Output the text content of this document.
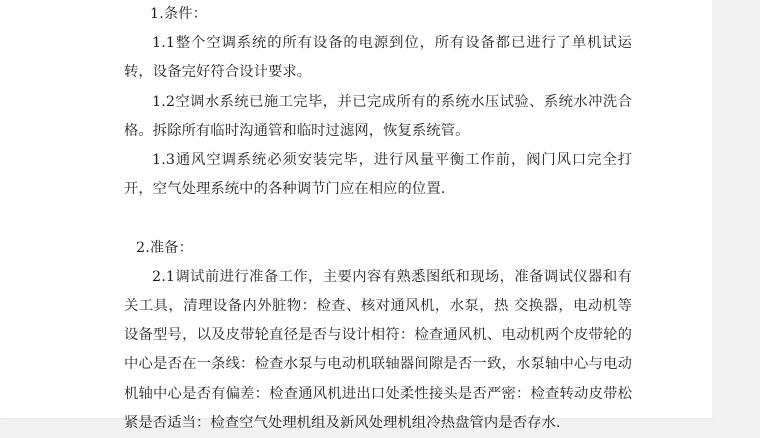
1.条件：

1.1整个空调系统的所有设备的电源到位，所有设备都已进行了单机试运转，设备完好符合设计要求。

1.2空调水系统已施工完毕，并已完成所有的系统水压试验、系统水冲洗合格。拆除所有临时沟通管和临时过滤网，恢复系统管。

1.3通风空调系统必须安装完毕，进行风量平衡工作前，阀门风口完全打开，空气处理系统中的各种调节门应在相应的位置.

2.准备：

2.1调试前进行准备工作，主要内容有熟悉图纸和现场，准备调试仪器和有关工具，清理设备内外脏物：检查、核对通风机，水泵，热 交换器，电动机等设备型号，以及皮带轮直径是否与设计相符：检查通风机、电动机两个皮带轮的中心是否在一条线：检查水泵与电动机联轴器间隙是否一致，水泵轴中心与电动机轴中心是否有偏差：检查通风机进出口处柔性接头是否严密：检查转动皮带松紧是否适当：检查空气处理机组及新风处理机组冷热盘管内是否存水.
